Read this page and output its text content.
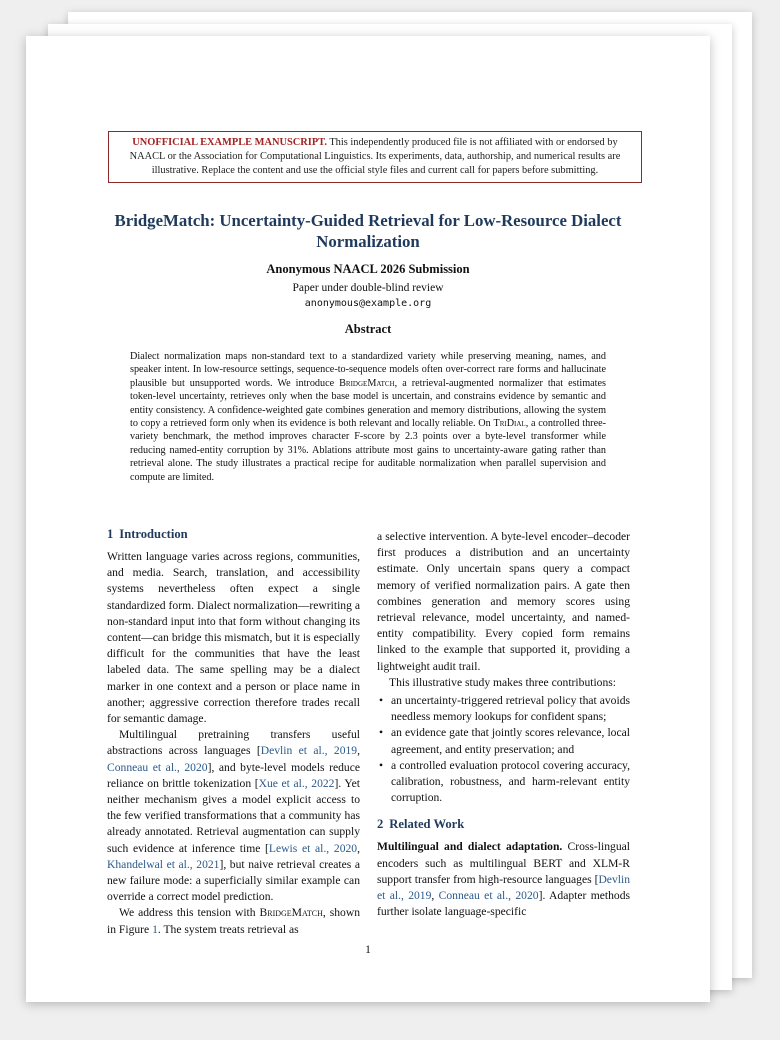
UNOFFICIAL EXAMPLE MANUSCRIPT. This independently produced file is not affiliated with or endorsed by NAACL or the Association for Computational Linguistics. Its experiments, data, authorship, and numerical results are illustrative. Replace the content and use the official style files and current call for papers before submitting.
BridgeMatch: Uncertainty-Guided Retrieval for Low-Resource Dialect Normalization
Anonymous NAACL 2026 Submission
Paper under double-blind review
anonymous@example.org
Abstract
Dialect normalization maps non-standard text to a standardized variety while preserving meaning, names, and speaker intent. In low-resource settings, sequence-to-sequence models often over-correct rare forms and hallucinate plausible but unsupported words. We introduce BridgeMatch, a retrieval-augmented normalizer that estimates token-level uncertainty, retrieves only when the base model is uncertain, and constrains evidence by semantic and entity consistency. A confidence-weighted gate combines generation and memory distributions, allowing the system to copy a retrieved form only when its evidence is both relevant and locally reliable. On TriDial, a controlled three-variety benchmark, the method improves character F-score by 2.3 points over a byte-level transformer while reducing named-entity corruption by 31%. Ablations attribute most gains to uncertainty-aware gating rather than retrieval alone. The study illustrates a practical recipe for auditable normalization when parallel supervision and compute are limited.
1 Introduction

Written language varies across regions, communities, and media. Search, translation, and accessibility systems nevertheless often expect a single standardized form. Dialect normalization—rewriting a non-standard input into that form without changing its content—can bridge this mismatch, but it is especially difficult for the communities that have the least labeled data. The same spelling may be a dialect marker in one context and a person or place name in another; aggressive correction therefore trades recall for semantic damage.

Multilingual pretraining transfers useful abstractions across languages [Devlin et al., 2019, Conneau et al., 2020], and byte-level models reduce reliance on brittle tokenization [Xue et al., 2022]. Yet neither mechanism gives a model explicit access to the few verified transformations that a community has already annotated. Retrieval augmentation can supply such evidence at inference time [Lewis et al., 2020, Khandelwal et al., 2021], but naive retrieval creates a new failure mode: a superficially similar example can override a correct model prediction.

We address this tension with BridgeMatch, shown in Figure 1. The system treats retrieval as

a selective intervention. A byte-level encoder–decoder first produces a distribution and an uncertainty estimate. Only uncertain spans query a compact memory of verified normalization pairs. A gate then combines generation and memory scores using retrieval relevance, model uncertainty, and named-entity compatibility. Every copied form remains linked to the example that supported it, providing a lightweight audit trail.

This illustrative study makes three contributions:

• an uncertainty-triggered retrieval policy that avoids needless memory lookups for confident spans;
• an evidence gate that jointly scores relevance, local agreement, and entity preservation; and
• a controlled evaluation protocol covering accuracy, calibration, robustness, and harm-relevant entity corruption.
2 Related Work

Multilingual and dialect adaptation. Cross-lingual encoders such as multilingual BERT and XLM-R support transfer from high-resource languages [Devlin et al., 2019, Conneau et al., 2020]. Adapter methods further isolate language-specific

1
